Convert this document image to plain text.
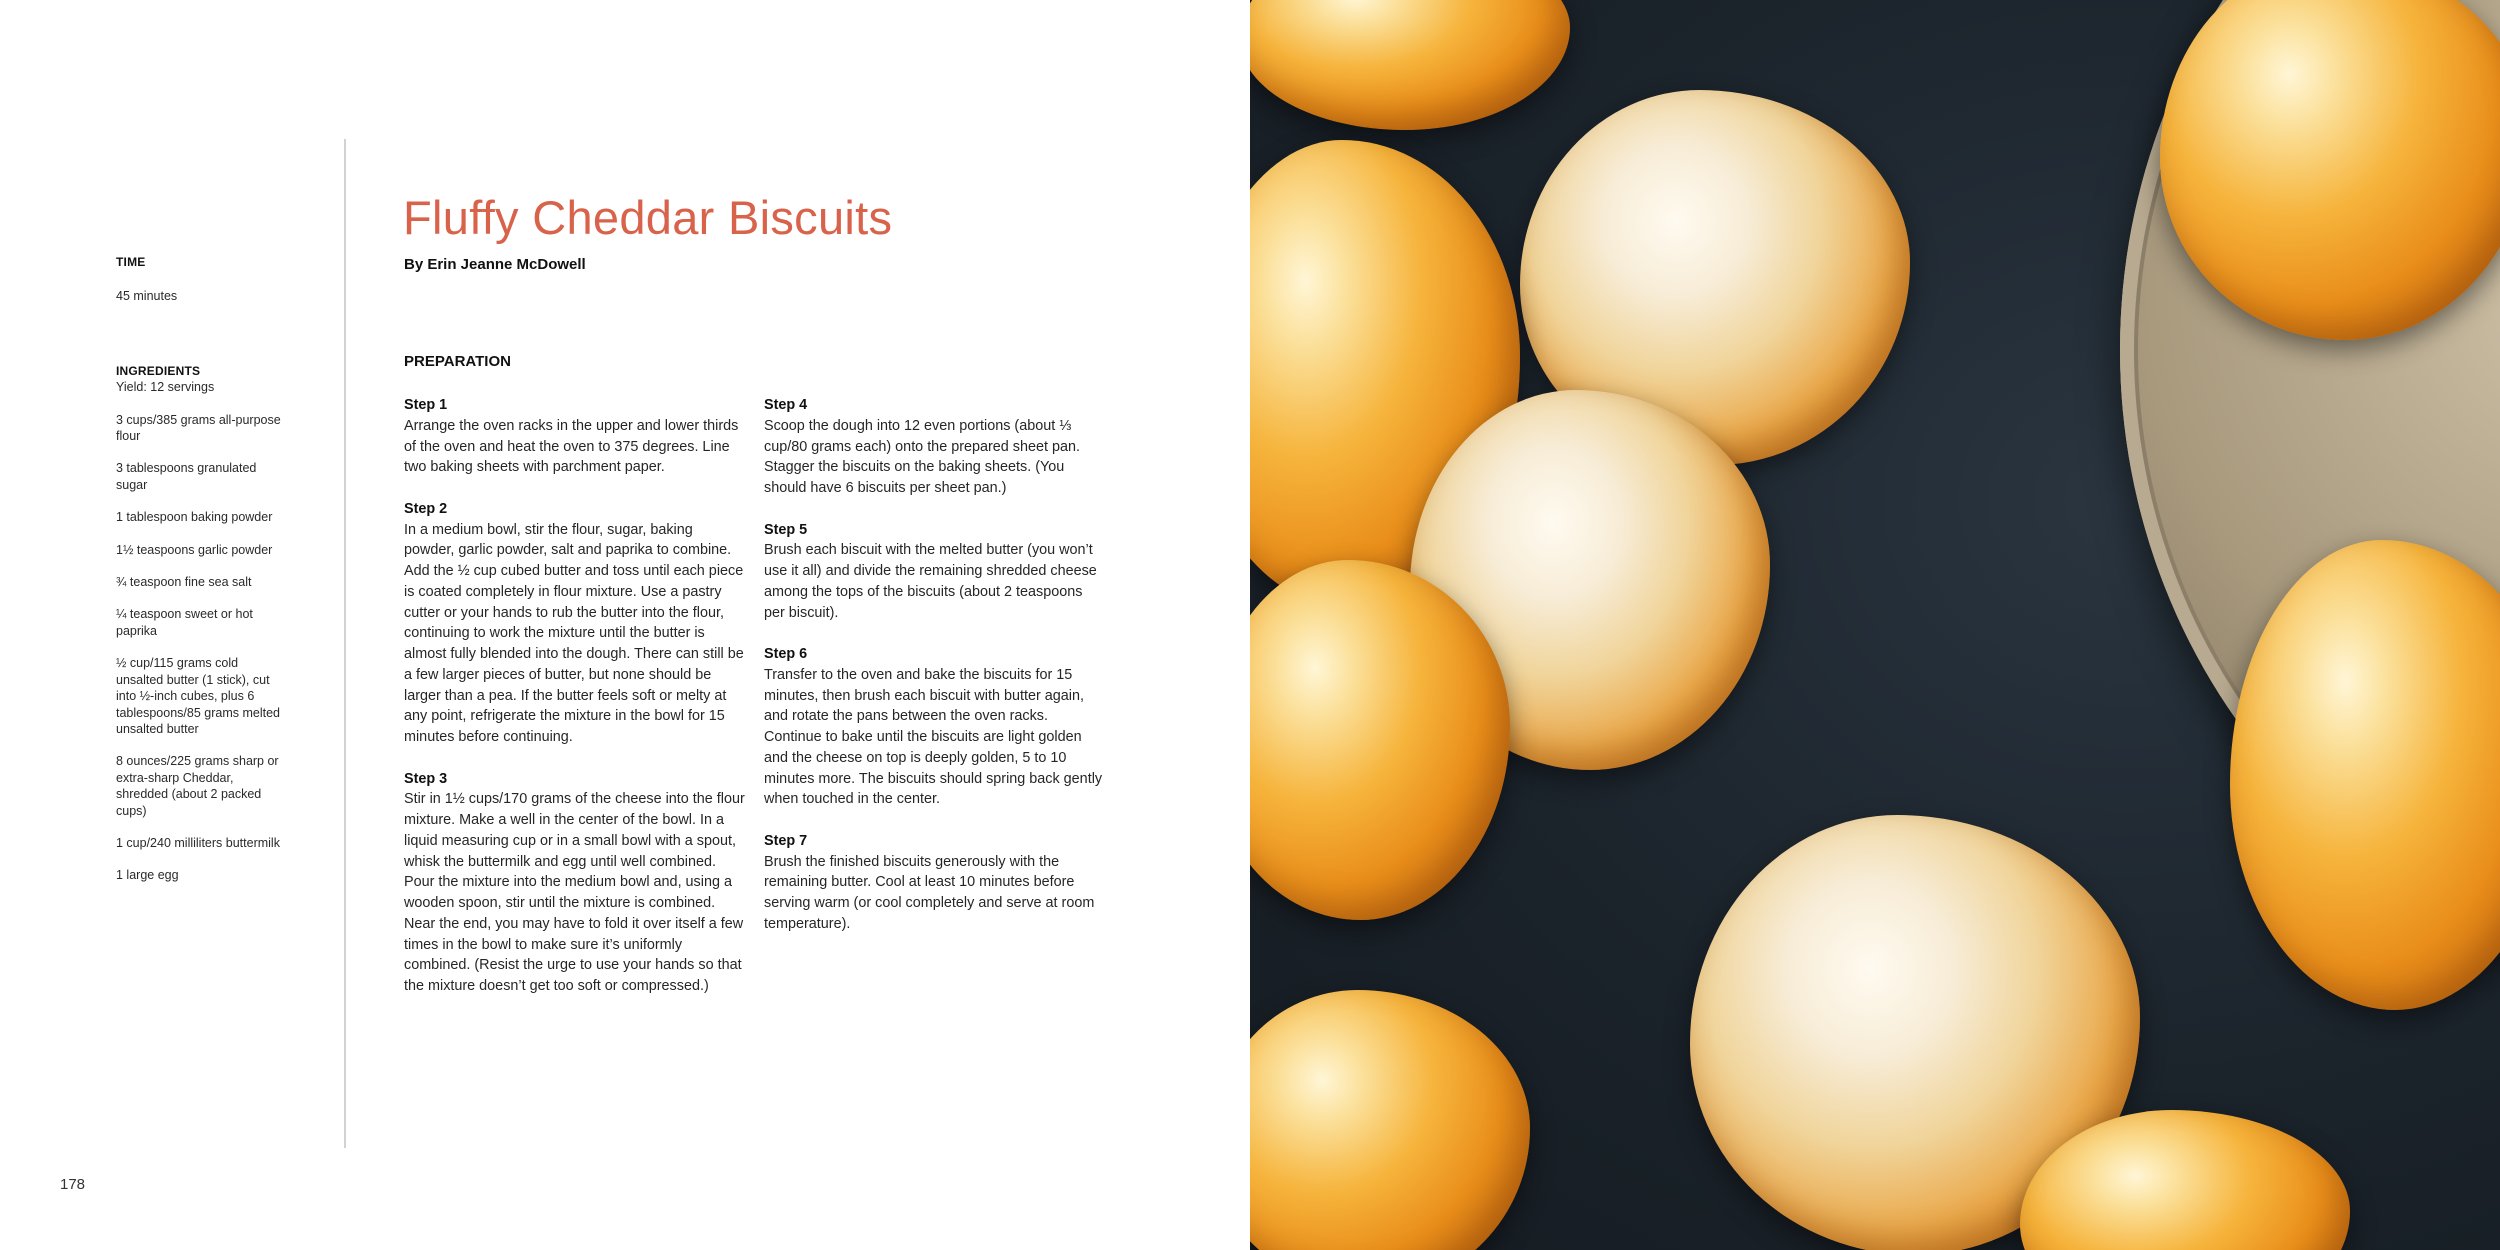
TIME
45 minutes
INGREDIENTS
Yield: 12 servings
3 cups/385 grams all-purpose flour
3 tablespoons granulated sugar
1 tablespoon baking powder
1½ teaspoons garlic powder
¾ teaspoon fine sea salt
¼ teaspoon sweet or hot paprika
½ cup/115 grams cold unsalted butter (1 stick), cut into ½-inch cubes, plus 6 tablespoons/85 grams melted unsalted butter
8 ounces/225 grams sharp or extra-sharp Cheddar, shredded (about 2 packed cups)
1 cup/240 milliliters buttermilk
1 large egg
Fluffy Cheddar Biscuits
By Erin Jeanne McDowell
PREPARATION
Step 1
Arrange the oven racks in the upper and lower thirds of the oven and heat the oven to 375 degrees. Line two baking sheets with parchment paper.
Step 2
In a medium bowl, stir the flour, sugar, baking powder, garlic powder, salt and paprika to combine. Add the ½ cup cubed butter and toss until each piece is coated completely in flour mixture. Use a pastry cutter or your hands to rub the butter into the flour, continuing to work the mixture until the butter is almost fully blended into the dough. There can still be a few larger pieces of butter, but none should be larger than a pea. If the butter feels soft or melty at any point, refrigerate the mixture in the bowl for 15 minutes before continuing.
Step 3
Stir in 1½ cups/170 grams of the cheese into the flour mixture. Make a well in the center of the bowl. In a liquid measuring cup or in a small bowl with a spout, whisk the buttermilk and egg until well combined. Pour the mixture into the medium bowl and, using a wooden spoon, stir until the mixture is combined. Near the end, you may have to fold it over itself a few times in the bowl to make sure it’s uniformly combined. (Resist the urge to use your hands so that the mixture doesn’t get too soft or compressed.)
Step 4
Scoop the dough into 12 even portions (about ⅓ cup/80 grams each) onto the prepared sheet pan. Stagger the biscuits on the baking sheets. (You should have 6 biscuits per sheet pan.)
Step 5
Brush each biscuit with the melted butter (you won’t use it all) and divide the remaining shredded cheese among the tops of the biscuits (about 2 teaspoons per biscuit).
Step 6
Transfer to the oven and bake the biscuits for 15 minutes, then brush each biscuit with butter again, and rotate the pans between the oven racks. Continue to bake until the biscuits are light golden and the cheese on top is deeply golden, 5 to 10 minutes more. The biscuits should spring back gently when touched in the center.
Step 7
Brush the finished biscuits generously with the remaining butter. Cool at least 10 minutes before serving warm (or cool completely and serve at room temperature).
178
